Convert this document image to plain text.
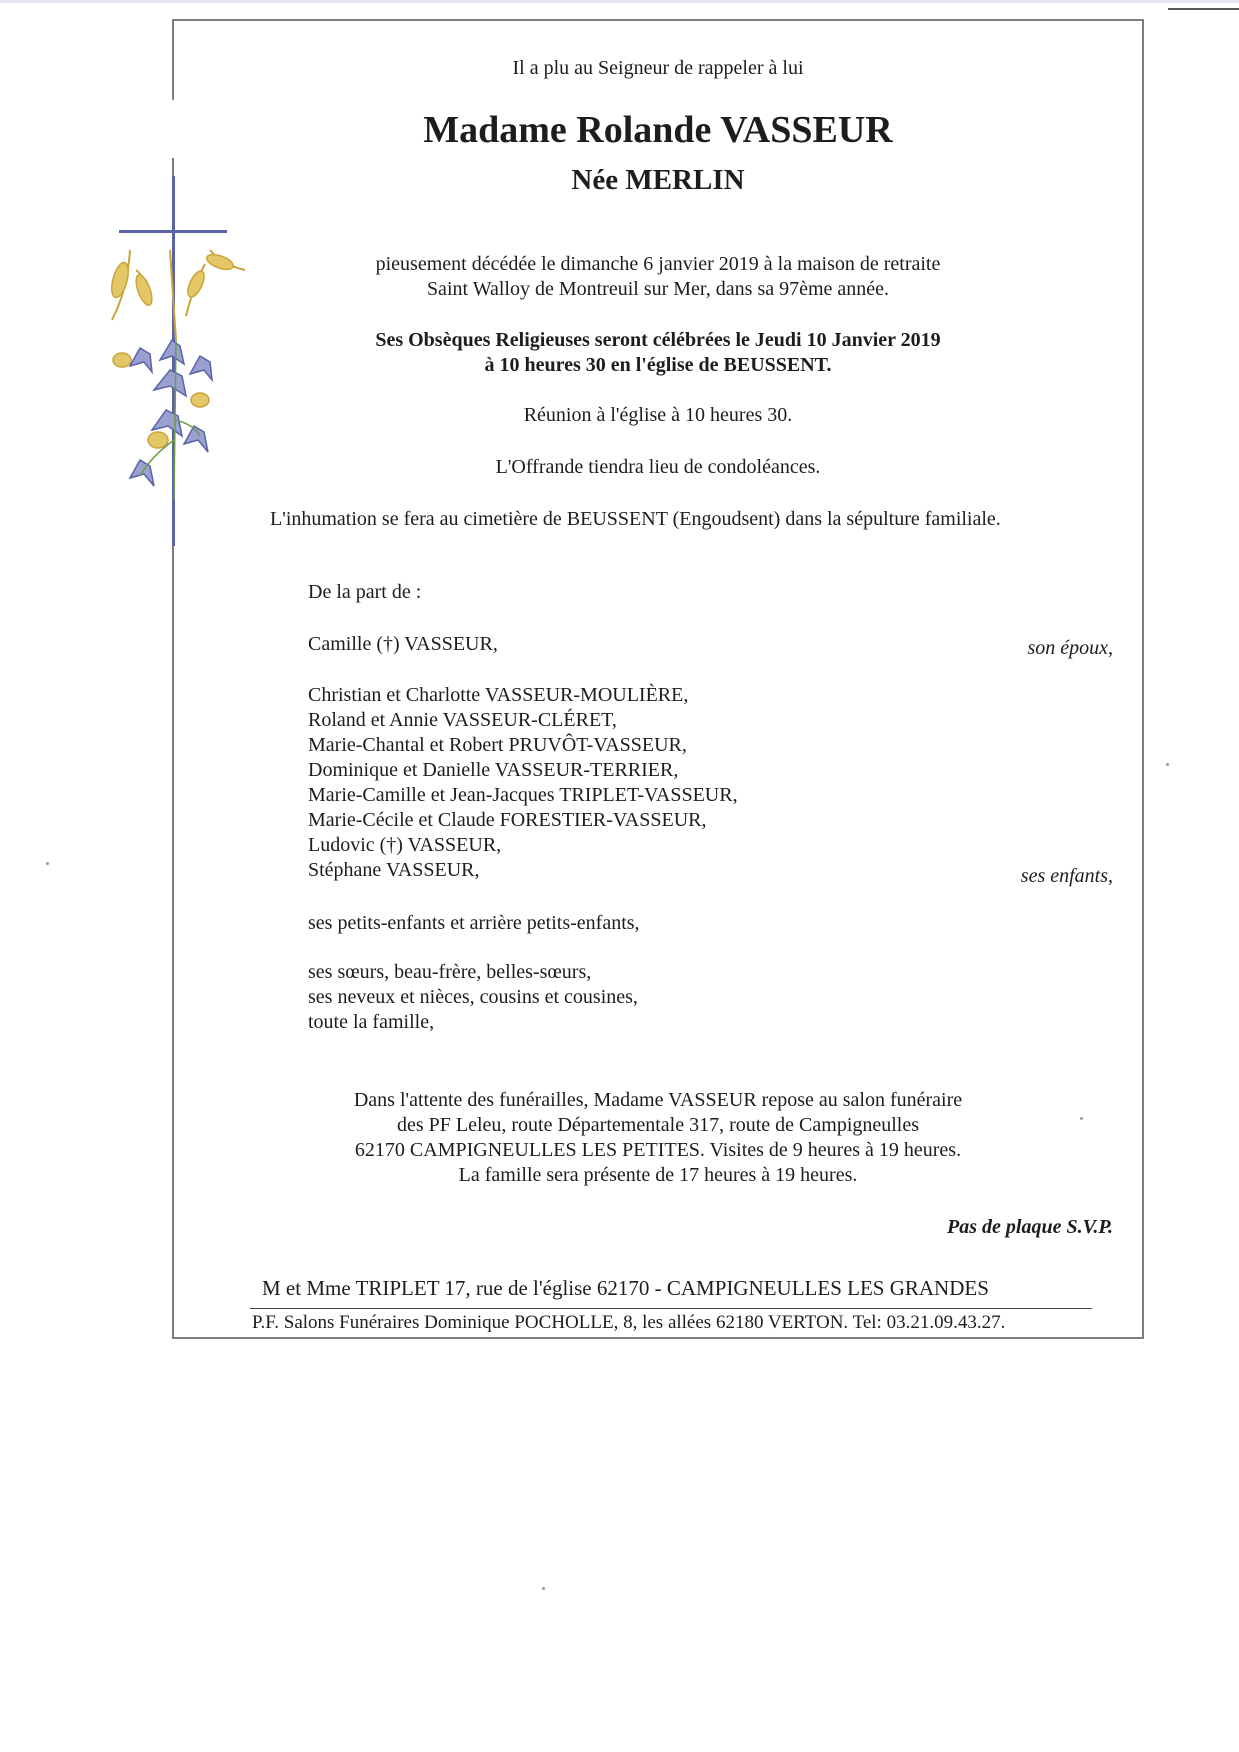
Il a plu au Seigneur de rappeler à lui
Madame Rolande VASSEUR
Née MERLIN
pieusement décédée le dimanche 6 janvier 2019 à la maison de retraite
Saint Walloy de Montreuil sur Mer, dans sa 97ème année.
Ses Obsèques Religieuses seront célébrées le Jeudi 10 Janvier 2019
à 10 heures 30 en l'église de BEUSSENT.
Réunion à l'église à 10 heures 30.
L'Offrande tiendra lieu de condoléances.
L'inhumation se fera au cimetière de BEUSSENT (Engoudsent) dans la sépulture familiale.
De la part de :
Camille (†) VASSEUR,	son époux,
Christian et Charlotte VASSEUR-MOULIÈRE,
Roland et Annie VASSEUR-CLÉRET,
Marie-Chantal et Robert PRUVÔT-VASSEUR,
Dominique et Danielle VASSEUR-TERRIER,
Marie-Camille et Jean-Jacques TRIPLET-VASSEUR,
Marie-Cécile et Claude FORESTIER-VASSEUR,
Ludovic (†) VASSEUR,
Stéphane VASSEUR,	ses enfants,
ses petits-enfants et arrière petits-enfants,
ses sœurs, beau-frère, belles-sœurs,
ses neveux et nièces, cousins et cousines,
toute la famille,
Dans l'attente des funérailles, Madame VASSEUR repose au salon funéraire
des PF Leleu, route Départementale 317, route de Campigneulles
62170 CAMPIGNEULLES LES PETITES. Visites de 9 heures à 19 heures.
La famille sera présente de 17 heures à 19 heures.
Pas de plaque S.V.P.
M et Mme TRIPLET 17, rue de l'église 62170 - CAMPIGNEULLES LES GRANDES
P.F. Salons Funéraires Dominique POCHOLLE, 8, les allées 62180 VERTON. Tel: 03.21.09.43.27.
